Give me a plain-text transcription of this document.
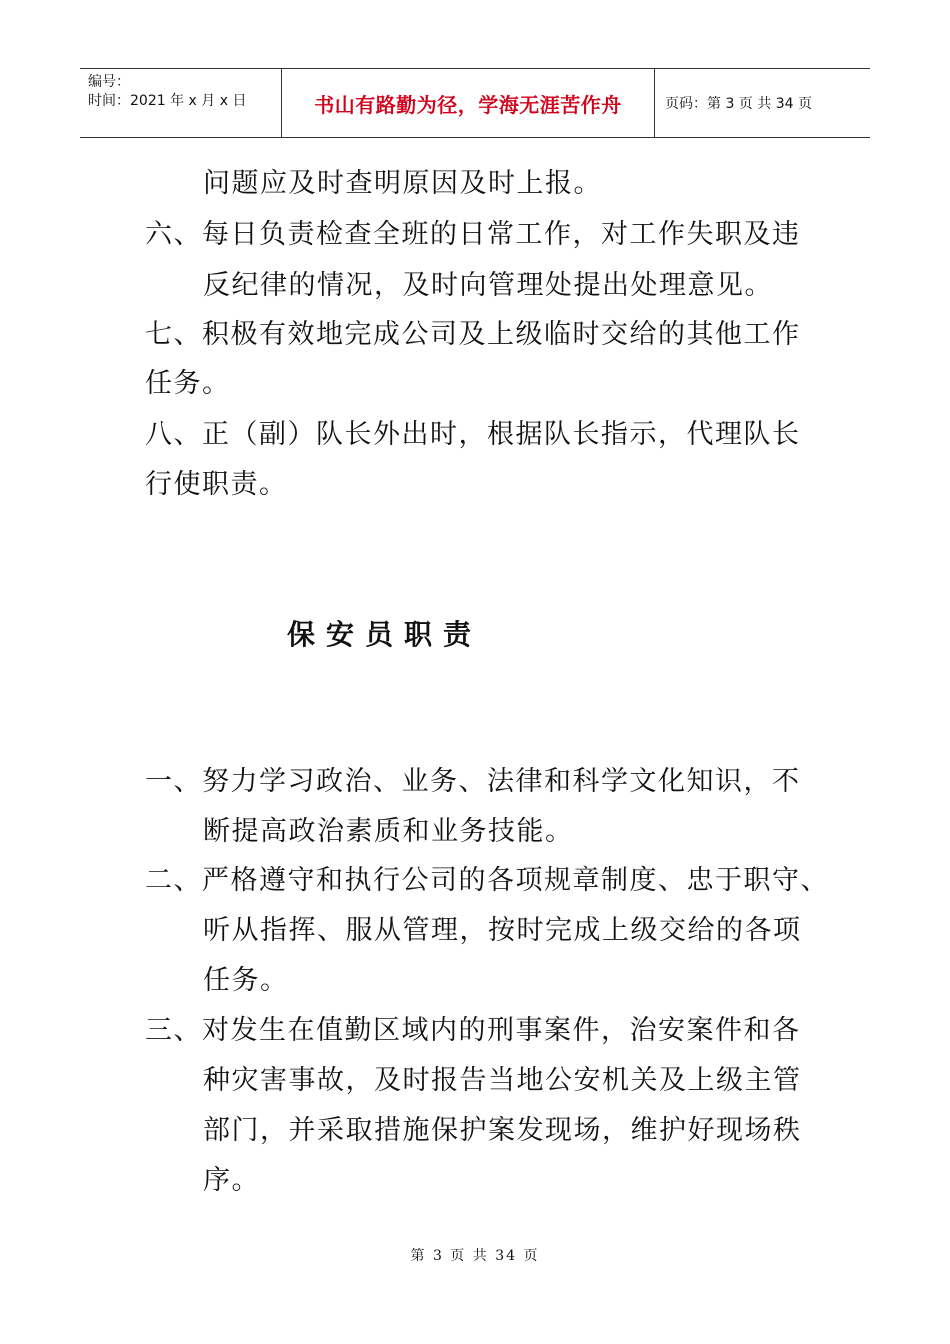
编号：
时间：2021 年 x 月 x 日	书山有路勤为径，学海无涯苦作舟	页码：第 3 页 共 34 页
问题应及时查明原因及时上报。
六、每日负责检查全班的日常工作，对工作失职及违
反纪律的情况，及时向管理处提出处理意见。
七、积极有效地完成公司及上级临时交给的其他工作
任务。
八、正（副）队长外出时，根据队长指示，代理队长
行使职责。
保安员职责
一、努力学习政治、业务、法律和科学文化知识，不
断提高政治素质和业务技能。
二、严格遵守和执行公司的各项规章制度、忠于职守、
听从指挥、服从管理，按时完成上级交给的各项
任务。
三、对发生在值勤区域内的刑事案件，治安案件和各
种灾害事故，及时报告当地公安机关及上级主管
部门，并采取措施保护案发现场，维护好现场秩
序。
第 3 页 共 34 页
